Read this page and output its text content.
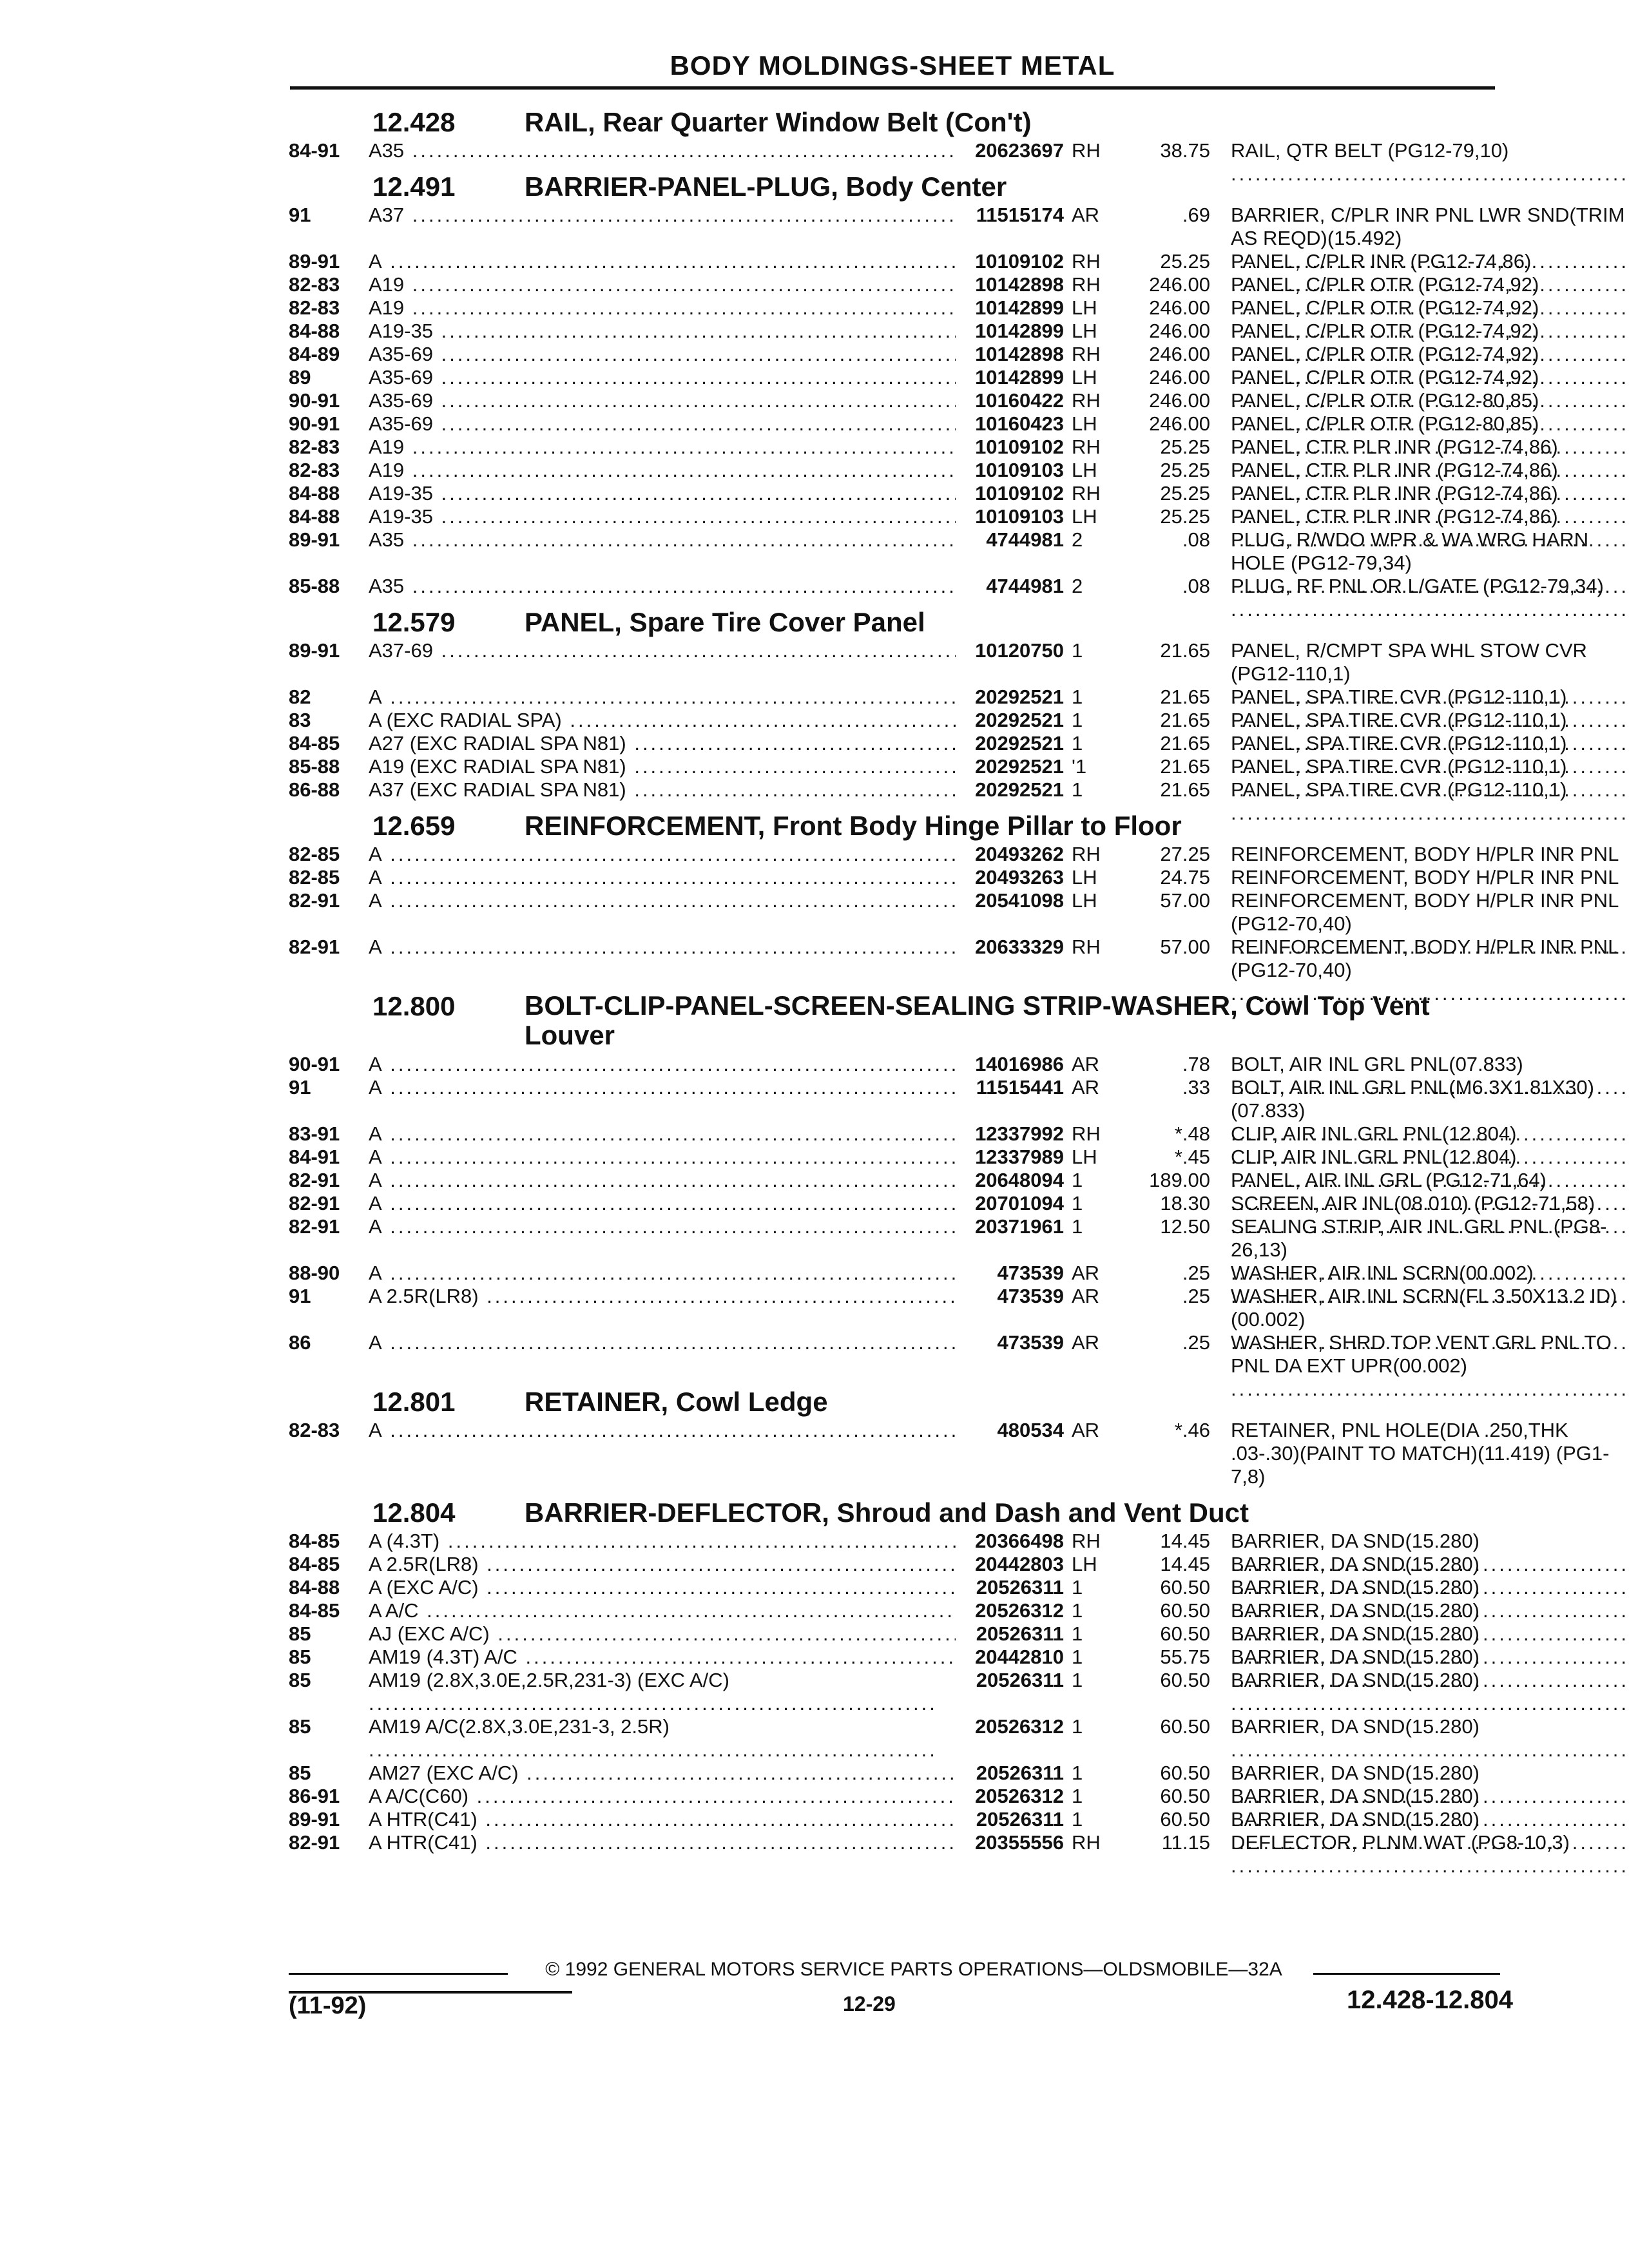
BODY MOLDINGS-SHEET METAL
12.428	RAIL, Rear Quarter Window Belt (Con't)
84-91 A35 .....	20623697 RH	38.75 RAIL, QTR BELT (PG12-79,10) .....
12.491	BARRIER-PANEL-PLUG, Body Center
91	A37 .....	11515174 AR	.69 BARRIER, C/PLR INR PNL LWR SND(TRIM AS REQD)(15.492) .....
89-91 A .....	10109102 RH	25.25 PANEL, C/PLR INR (PG12-74,86) .....
82-83 A19 .....	10142898 RH	246.00 PANEL, C/PLR OTR (PG12-74,92) .....
82-83 A19 .....	10142899 LH	246.00 PANEL, C/PLR OTR (PG12-74,92) .....
84-88 A19-35 .....	10142899 LH	246.00 PANEL, C/PLR OTR (PG12-74,92) .....
84-89 A35-69 .....	10142898 RH	246.00 PANEL, C/PLR OTR (PG12-74,92) .....
89	A35-69 .....	10142899 LH	246.00 PANEL, C/PLR OTR (PG12-74,92) .....
90-91 A35-69 .....	10160422 RH	246.00 PANEL, C/PLR OTR (PG12-80,85) .....
90-91 A35-69 .....	10160423 LH	246.00 PANEL, C/PLR OTR (PG12-80,85) .....
82-83 A19 .....	10109102 RH	25.25 PANEL, CTR PLR INR (PG12-74,86) .....
82-83 A19 .....	10109103 LH	25.25 PANEL, CTR PLR INR (PG12-74,86) .....
84-88 A19-35 .....	10109102 RH	25.25 PANEL, CTR PLR INR (PG12-74,86) .....
84-88 A19-35 .....	10109103 LH	25.25 PANEL, CTR PLR INR (PG12-74,86) .....
89-91 A35 .....	4744981 2	.08 PLUG, R/WDO WPR & WA WRG HARN HOLE (PG12-79,34) .....
85-88 A35 .....	4744981 2	.08 PLUG, RF PNL OR L/GATE (PG12-79,34) .....
12.579	PANEL, Spare Tire Cover Panel
89-91 A37-69 .....	10120750 1	21.65 PANEL, R/CMPT SPA WHL STOW CVR (PG12-110,1) .....
82	A .....	20292521 1	21.65 PANEL, SPA TIRE CVR (PG12-110,1) .....
83	A (EXC RADIAL SPA) .....	20292521 1	21.65 PANEL, SPA TIRE CVR (PG12-110,1) .....
84-85 A27 (EXC RADIAL SPA N81) .....	20292521 1	21.65 PANEL, SPA TIRE CVR (PG12-110,1) .....
85-88 A19 (EXC RADIAL SPA N81) .....	20292521 '1	21.65 PANEL, SPA TIRE CVR (PG12-110,1) .....
86-88 A37 (EXC RADIAL SPA N81) .....	20292521 1	21.65 PANEL, SPA TIRE CVR (PG12-110,1) .....
12.659	REINFORCEMENT, Front Body Hinge Pillar to Floor
82-85 A .....	20493262 RH	27.25 REINFORCEMENT, BODY H/PLR INR PNL
82-85 A .....	20493263 LH	24.75 REINFORCEMENT, BODY H/PLR INR PNL
82-91 A .....	20541098 LH	57.00 REINFORCEMENT, BODY H/PLR INR PNL (PG12-70,40) .....
82-91 A .....	20633329 RH	57.00 REINFORCEMENT, BODY H/PLR INR PNL (PG12-70,40) .....
12.800	BOLT-CLIP-PANEL-SCREEN-SEALING STRIP-WASHER, Cowl Top Vent Louver
90-91 A .....	14016986 AR	.78 BOLT, AIR INL GRL PNL(07.833) .....
91	A .....	11515441 AR	.33 BOLT, AIR INL GRL PNL(M6.3X1.81X30) (07.833) .....
83-91 A .....	12337992 RH	*.48 CLIP, AIR INL GRL PNL(12.804) .....
84-91 A .....	12337989 LH	*.45 CLIP, AIR INL GRL PNL(12.804) .....
82-91 A .....	20648094 1	189.00 PANEL, AIR INL GRL (PG12-71,64) .....
82-91 A .....	20701094 1	18.30 SCREEN, AIR INL(08.010) (PG12-71,58) .....
82-91 A .....	20371961 1	12.50 SEALING STRIP, AIR INL GRL PNL (PG8-26,13) .....
88-90 A .....	473539 AR	.25 WASHER, AIR INL SCRN(00.002) .....
91	A 2.5R(LR8) .....	473539 AR	.25 WASHER, AIR INL SCRN(FL 3.50X13.2 ID) (00.002) .....
86	A .....	473539 AR	.25 WASHER, SHRD TOP VENT GRL PNL TO PNL DA EXT UPR(00.002) .....
12.801	RETAINER, Cowl Ledge
82-83 A .....	480534 AR	*.46 RETAINER, PNL HOLE(DIA .250,THK .03-.30)(PAINT TO MATCH)(11.419) (PG1-7,8) .....
12.804	BARRIER-DEFLECTOR, Shroud and Dash and Vent Duct
84-85 A (4.3T) .....	20366498 RH	14.45 BARRIER, DA SND(15.280) .....
84-85 A 2.5R(LR8) .....	20442803 LH	14.45 BARRIER, DA SND(15.280) .....
84-88 A (EXC A/C) .....	20526311 1	60.50 BARRIER, DA SND(15.280) .....
84-85 A A/C .....	20526312 1	60.50 BARRIER, DA SND(15.280) .....
85	AJ (EXC A/C) .....	20526311 1	60.50 BARRIER, DA SND(15.280) .....
85	AM19 (4.3T) A/C .....	20442810 1	55.75 BARRIER, DA SND(15.280) .....
85	AM19 (2.8X,3.0E,2.5R,231-3) (EXC A/C) .....	20526311 1	60.50 BARRIER, DA SND(15.280) .....
85	AM19 A/C(2.8X,3.0E,231-3, 2.5R) .....	20526312 1	60.50 BARRIER, DA SND(15.280) .....
85	AM27 (EXC A/C) .....	20526311 1	60.50 BARRIER, DA SND(15.280) .....
86-91 A A/C(C60) .....	20526312 1	60.50 BARRIER, DA SND(15.280) .....
89-91 A HTR(C41) .....	20526311 1	60.50 BARRIER, DA SND(15.280) .....
82-91 A HTR(C41) .....	20355556 RH	11.15 DEFLECTOR, PLNM WAT (PG8-10,3) .....
© 1992 GENERAL MOTORS SERVICE PARTS OPERATIONS—OLDSMOBILE—32A
(11-92)	12-29	12.428-12.804
